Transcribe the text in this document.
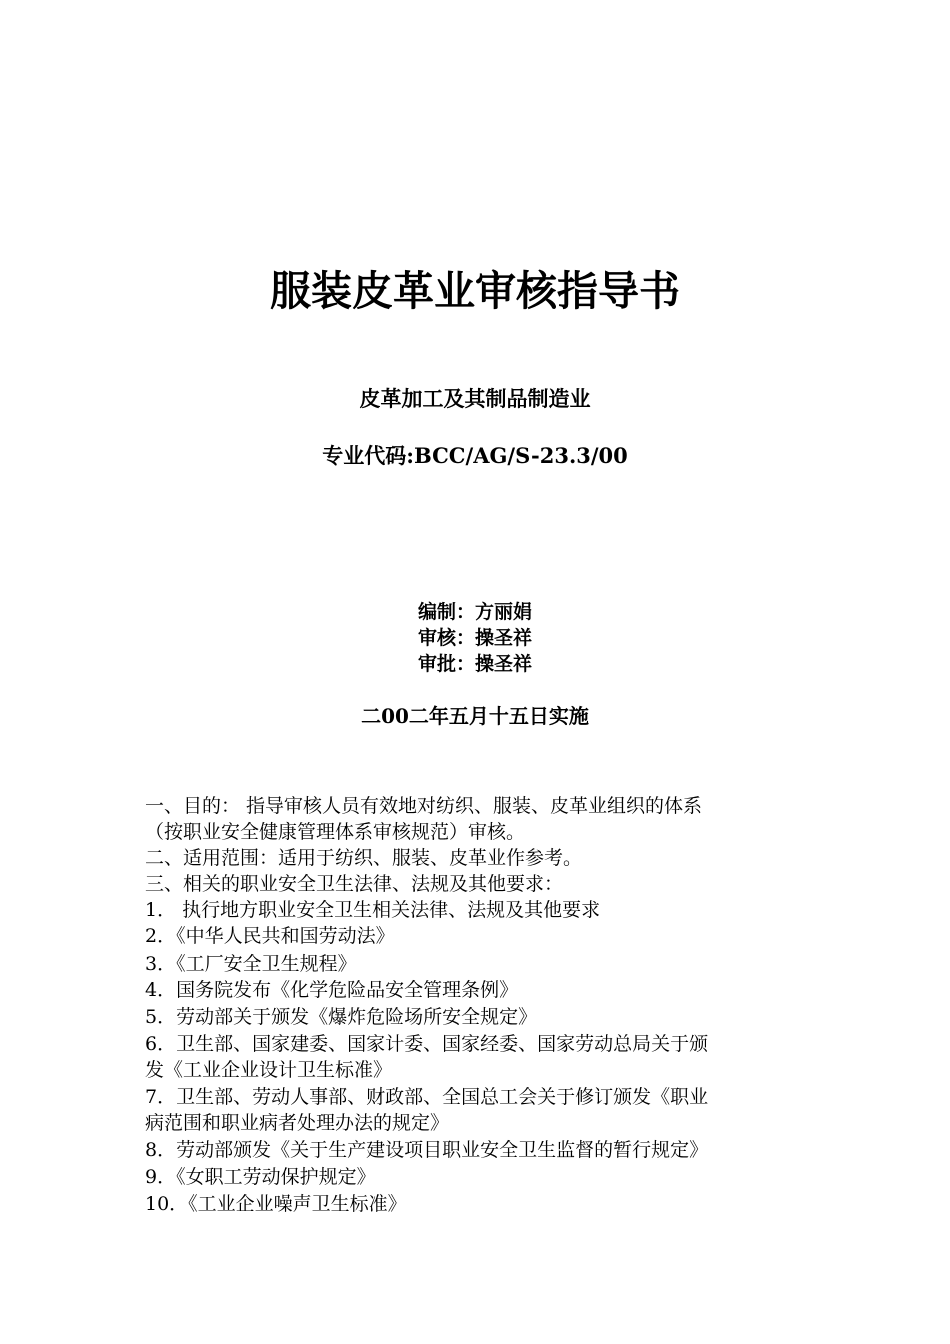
服装皮革业审核指导书
皮革加工及其制品制造业
专业代码:BCC/AG/S-23.3/00
编制：方丽娟
审核：操圣祥
审批：操圣祥
二00二年五月十五日实施
一、目的： 指导审核人员有效地对纺织、服装、皮革业组织的体系
（按职业安全健康管理体系审核规范）审核。
二、适用范围：适用于纺织、服装、皮革业作参考。
三、相关的职业安全卫生法律、法规及其他要求：
1． 执行地方职业安全卫生相关法律、法规及其他要求
2．《中华人民共和国劳动法》
3．《工厂安全卫生规程》
4．国务院发布《化学危险品安全管理条例》
5．劳动部关于颁发《爆炸危险场所安全规定》
6．卫生部、国家建委、国家计委、国家经委、国家劳动总局关于颁
发《工业企业设计卫生标准》
7．卫生部、劳动人事部、财政部、全国总工会关于修订颁发《职业
病范围和职业病者处理办法的规定》
8．劳动部颁发《关于生产建设项目职业安全卫生监督的暂行规定》
9．《女职工劳动保护规定》
10．《工业企业噪声卫生标准》
